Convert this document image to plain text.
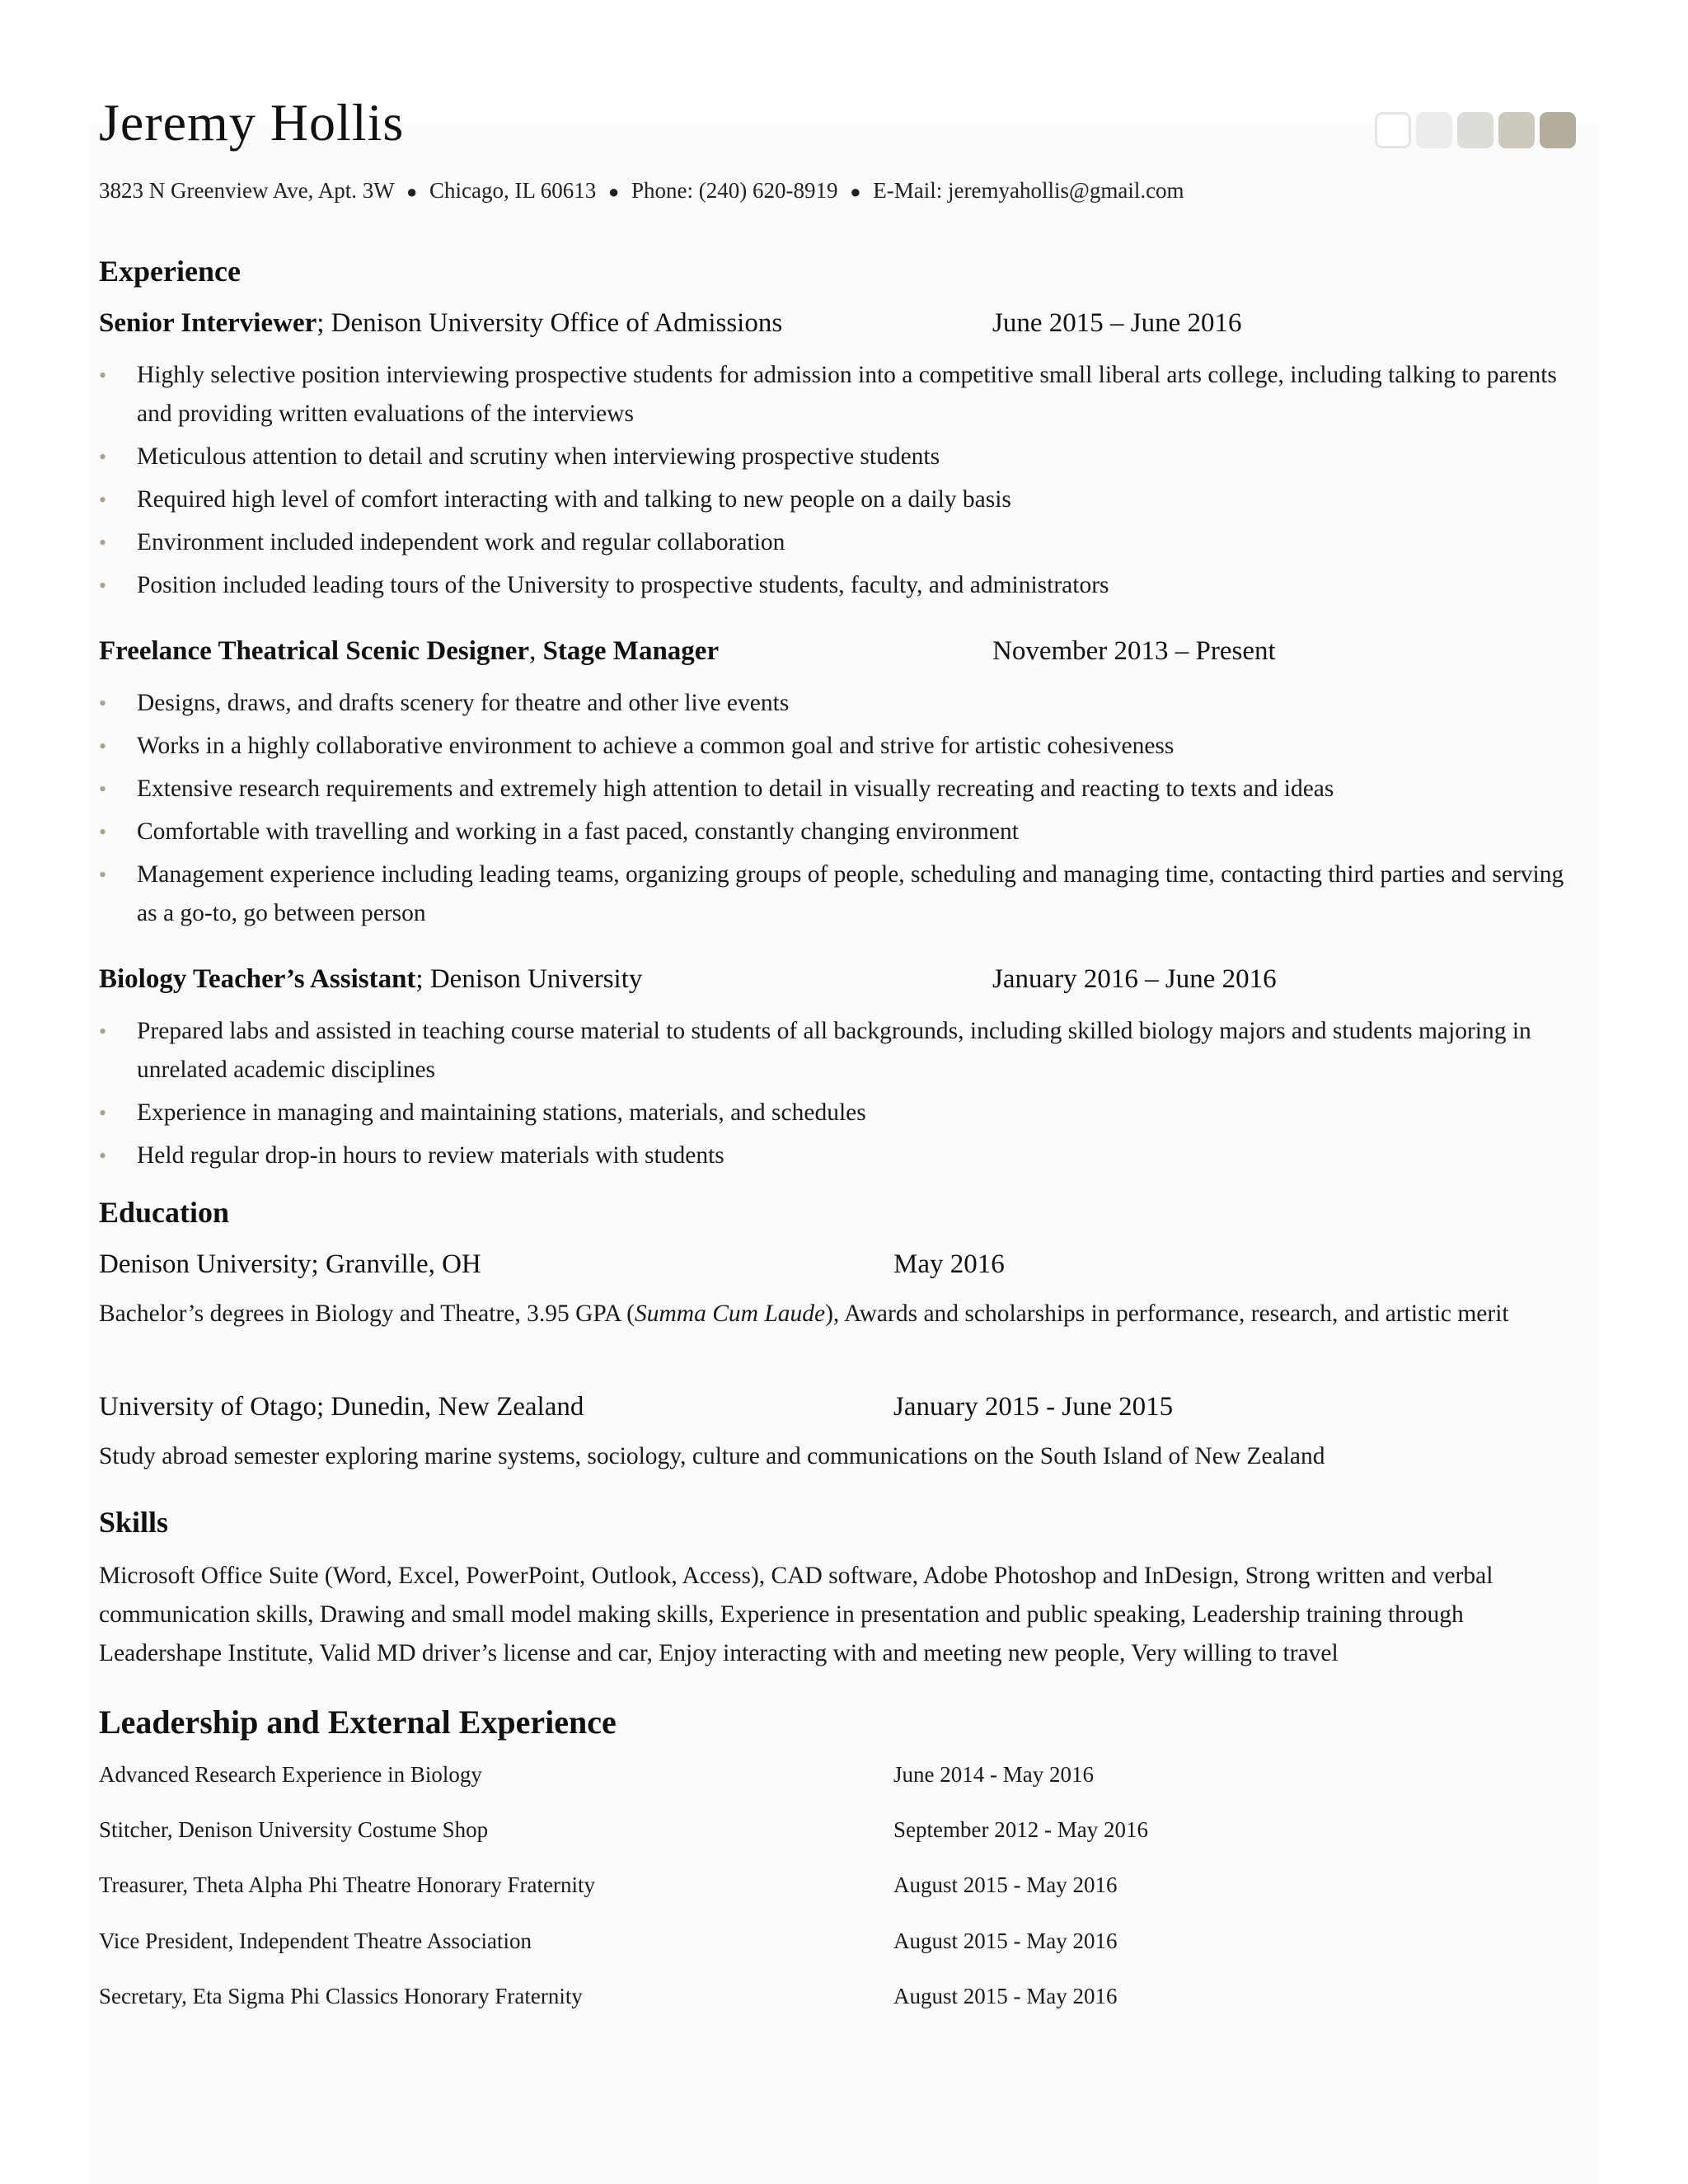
Jeremy Hollis
3823 N Greenview Ave, Apt. 3W ● Chicago, IL 60613 ● Phone: (240) 620-8919 ● E-Mail: jeremyahollis@gmail.com
Experience
Senior Interviewer; Denison University Office of Admissions	June 2015 – June 2016
• Highly selective position interviewing prospective students for admission into a competitive small liberal arts college, including talking to parents and providing written evaluations of the interviews
• Meticulous attention to detail and scrutiny when interviewing prospective students
• Required high level of comfort interacting with and talking to new people on a daily basis
• Environment included independent work and regular collaboration
• Position included leading tours of the University to prospective students, faculty, and administrators
Freelance Theatrical Scenic Designer, Stage Manager	November 2013 – Present
• Designs, draws, and drafts scenery for theatre and other live events
• Works in a highly collaborative environment to achieve a common goal and strive for artistic cohesiveness
• Extensive research requirements and extremely high attention to detail in visually recreating and reacting to texts and ideas
• Comfortable with travelling and working in a fast paced, constantly changing environment
• Management experience including leading teams, organizing groups of people, scheduling and managing time, contacting third parties and serving as a go-to, go between person
Biology Teacher’s Assistant; Denison University	January 2016 – June 2016
• Prepared labs and assisted in teaching course material to students of all backgrounds, including skilled biology majors and students majoring in unrelated academic disciplines
• Experience in managing and maintaining stations, materials, and schedules
• Held regular drop-in hours to review materials with students
Education
Denison University; Granville, OH	May 2016

Bachelor’s degrees in Biology and Theatre, 3.95 GPA (Summa Cum Laude), Awards and scholarships in performance, research, and artistic merit

University of Otago; Dunedin, New Zealand	January 2015 - June 2015

Study abroad semester exploring marine systems, sociology, culture and communications on the South Island of New Zealand

Skills

Microsoft Office Suite (Word, Excel, PowerPoint, Outlook, Access), CAD software, Adobe Photoshop and InDesign, Strong written and verbal communication skills, Drawing and small model making skills, Experience in presentation and public speaking, Leadership training through Leadershape Institute, Valid MD driver’s license and car, Enjoy interacting with and meeting new people, Very willing to travel

Leadership and External Experience
Advanced Research Experience in Biology	June 2014 - May 2016
Stitcher, Denison University Costume Shop	September 2012 - May 2016
Treasurer, Theta Alpha Phi Theatre Honorary Fraternity	August 2015 - May 2016
Vice President, Independent Theatre Association	August 2015 - May 2016
Secretary, Eta Sigma Phi Classics Honorary Fraternity	August 2015 - May 2016
